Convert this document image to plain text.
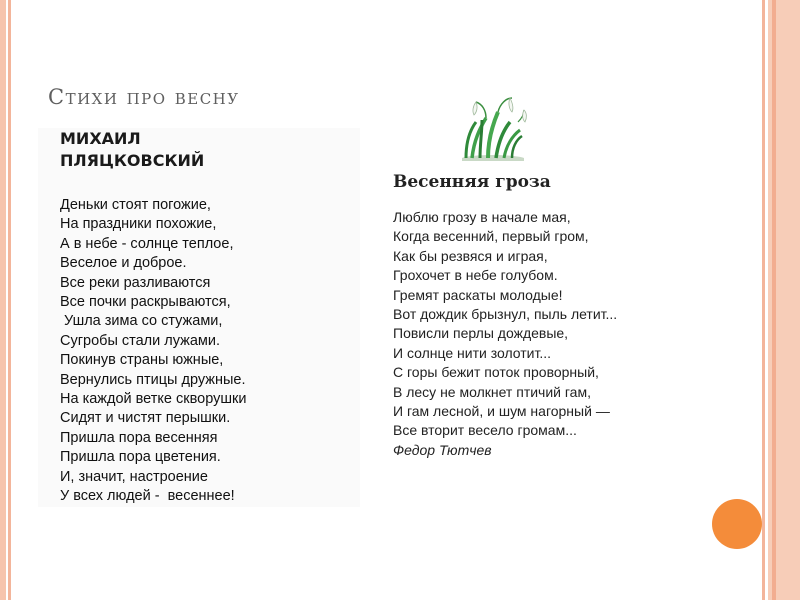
Стихи про весну
МИХАИЛ
ПЛЯЦКОВСКИЙ
Деньки стоят погожие,
На праздники похожие,
А в небе - солнце теплое,
Веселое и доброе.
Все реки разливаются
Все почки раскрываются,
Ушла зима со стужами,
Сугробы стали лужами.
Покинув страны южные,
Вернулись птицы дружные.
На каждой ветке скворушки
Сидят и чистят перышки.
Пришла пора весенняя
Пришла пора цветения.
И, значит, настроение
У всех людей -  весеннее!
Весенняя гроза
Люблю грозу в начале мая,
Когда весенний, первый гром,
Как бы резвяся и играя,
Грохочет в небе голубом.
Гремят раскаты молодые!
Вот дождик брызнул, пыль летит...
Повисли перлы дождевые,
И солнце нити золотит...
С горы бежит поток проворный,
В лесу не молкнет птичий гам,
И гам лесной, и шум нагорный —
Все вторит весело громам...
Федор Тютчев
